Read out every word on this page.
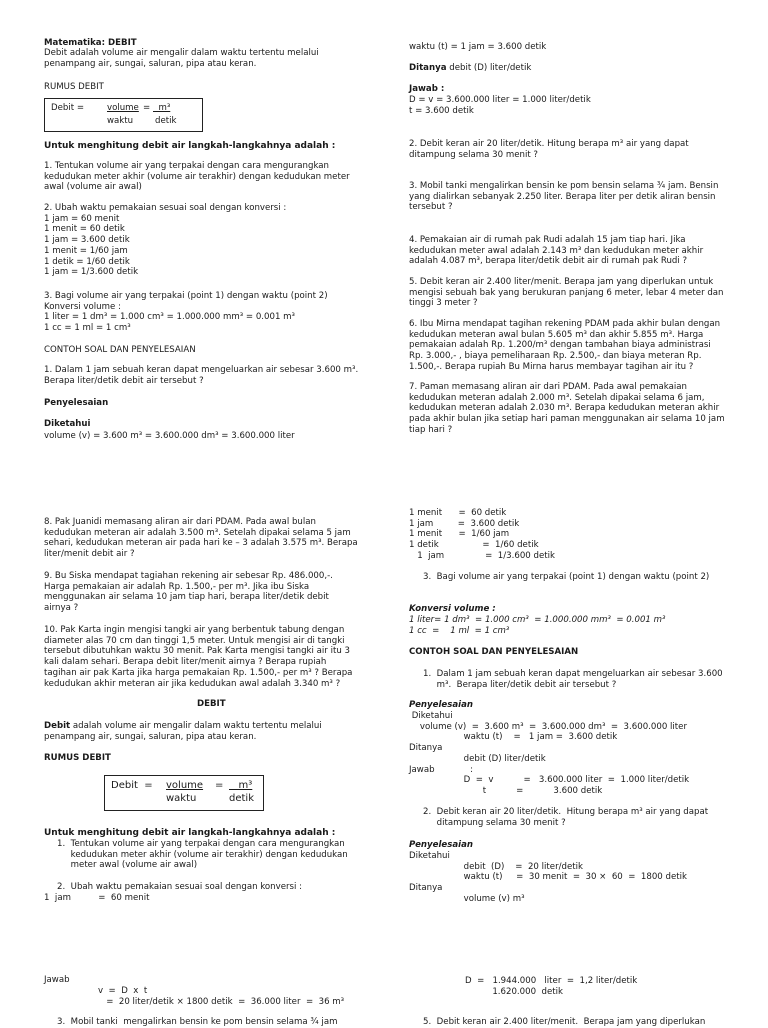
Matematika: DEBIT
Debit adalah volume air mengalir dalam waktu tertentu melalui
penampang air, sungai, saluran, pipa atau keran.
RUMUS DEBIT
Debit =	volume = m³
waktu	detik
Untuk menghitung debit air langkah-langkahnya adalah :
1. Tentukan volume air yang terpakai dengan cara mengurangkan
kedudukan meter akhir (volume air terakhir) dengan kedudukan meter
awal (volume air awal)
2. Ubah waktu pemakaian sesuai soal dengan konversi :
1 jam = 60 menit
1 menit = 60 detik
1 jam = 3.600 detik
1 menit = 1/60 jam
1 detik = 1/60 detik
1 jam = 1/3.600 detik
3. Bagi volume air yang terpakai (point 1) dengan waktu (point 2)
Konversi volume :
1 liter = 1 dm³ = 1.000 cm³ = 1.000.000 mm³ = 0.001 m³
1 cc = 1 ml = 1 cm³
CONTOH SOAL DAN PENYELESAIAN
1. Dalam 1 jam sebuah keran dapat mengeluarkan air sebesar 3.600 m³.
Berapa liter/detik debit air tersebut ?
Penyelesaian
Diketahui
volume (v) = 3.600 m³ = 3.600.000 dm³ = 3.600.000 liter
waktu (t) = 1 jam = 3.600 detik
Ditanya debit (D) liter/detik
Jawab :
D = v = 3.600.000 liter = 1.000 liter/detik
t = 3.600 detik
2. Debit keran air 20 liter/detik. Hitung berapa m³ air yang dapat
ditampung selama 30 menit ?
3. Mobil tanki mengalirkan bensin ke pom bensin selama ¾ jam. Bensin
yang dialirkan sebanyak 2.250 liter. Berapa liter per detik aliran bensin
tersebut ?
4. Pemakaian air di rumah pak Rudi adalah 15 jam tiap hari. Jika
kedudukan meter awal adalah 2.143 m³ dan kedudukan meter akhir
adalah 4.087 m³, berapa liter/detik debit air di rumah pak Rudi ?
5. Debit keran air 2.400 liter/menit. Berapa jam yang diperlukan untuk
mengisi sebuah bak yang berukuran panjang 6 meter, lebar 4 meter dan
tinggi 3 meter ?
6. Ibu Mirna mendapat tagihan rekening PDAM pada akhir bulan dengan
kedudukan meteran awal bulan 5.605 m³ dan akhir 5.855 m³. Harga
pemakaian adalah Rp. 1.200/m³ dengan tambahan biaya administrasi
Rp. 3.000,- , biaya pemeliharaan Rp. 2.500,- dan biaya meteran Rp.
1.500,-. Berapa rupiah Bu Mirna harus membayar tagihan air itu ?
7. Paman memasang aliran air dari PDAM. Pada awal pemakaian
kedudukan meteran adalah 2.000 m³. Setelah dipakai selama 6 jam,
kedudukan meteran adalah 2.030 m³. Berapa kedudukan meteran akhir
pada akhir bulan jika setiap hari paman menggunakan air selama 10 jam
tiap hari ?
8. Pak Juanidi memasang aliran air dari PDAM. Pada awal bulan
kedudukan meteran air adalah 3.500 m³. Setelah dipakai selama 5 jam
sehari, kedudukan meteran air pada hari ke – 3 adalah 3.575 m³. Berapa
liter/menit debit air ?
9. Bu Siska mendapat tagiahan rekening air sebesar Rp. 486.000,-.
Harga pemakaian air adalah Rp. 1.500,- per m³. Jika ibu Siska
menggunakan air selama 10 jam tiap hari, berapa liter/detik debit
airnya ?
10. Pak Karta ingin mengisi tangki air yang berbentuk tabung dengan
diameter alas 70 cm dan tinggi 1,5 meter. Untuk mengisi air di tangki
tersebut dibutuhkan waktu 30 menit. Pak Karta mengisi tangki air itu 3
kali dalam sehari. Berapa debit liter/menit airnya ? Berapa rupiah
tagihan air pak Karta jika harga pemakaian Rp. 1.500,- per m³ ? Berapa
kedudukan akhir meteran air jika kedudukan awal adalah 3.340 m³ ?
DEBIT
Debit adalah volume air mengalir dalam waktu tertentu melalui
penampang air, sungai, saluran, pipa atau keran.
RUMUS DEBIT
Debit  = volume = m³
waktu	detik
Untuk menghitung debit air langkah-langkahnya adalah :
1.  Tentukan volume air yang terpakai dengan cara mengurangkan
kedudukan meter akhir (volume air terakhir) dengan kedudukan
meter awal (volume air awal)
2.  Ubah waktu pemakaian sesuai soal dengan konversi :
1  jam          =  60 menit
Jawab
v  =  D  x  t
=  20 liter/detik × 1800 detik  =  36.000 liter  =  36 m³
3.  Mobil tanki  mengalirkan bensin ke pom bensin selama ¾ jam
1 menit      =  60 detik
1 jam         =  3.600 detik
1 menit      =  1/60 jam
1 detik                =  1/60 detik
1  jam               =  1/3.600 detik
3.  Bagi volume air yang terpakai (point 1) dengan waktu (point 2)
Konversi volume :
1 liter= 1 dm³  = 1.000 cm³  = 1.000.000 mm³  = 0.001 m³
1 cc  =    1 ml  = 1 cm³
CONTOH SOAL DAN PENYELESAIAN
1.  Dalam 1 jam sebuah keran dapat mengeluarkan air sebesar 3.600
m³.  Berapa liter/detik debit air tersebut ?
Penyelesaian
Diketahui
volume (v)  =  3.600 m³  =  3.600.000 dm³  =  3.600.000 liter
waktu (t)    =   1 jam =  3.600 detik
Ditanya
debit (D) liter/detik
Jawab             :
D  =  v           =   3.600.000 liter  =  1.000 liter/detik
t           =           3.600 detik
2.  Debit keran air 20 liter/detik.  Hitung berapa m³ air yang dapat
ditampung selama 30 menit ?
Penyelesaian
Diketahui
debit  (D)    =  20 liter/detik
waktu (t)     =  30 menit  =  30 ×  60  =  1800 detik
Ditanya
volume (v) m³
D  =   1.944.000   liter  =  1,2 liter/detik
1.620.000  detik
5.  Debit keran air 2.400 liter/menit.  Berapa jam yang diperlukan
